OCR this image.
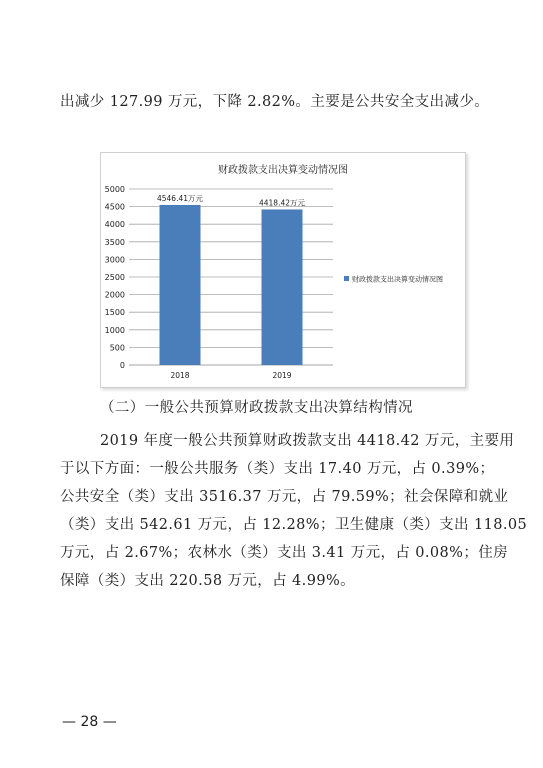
出减少 127.99 万元，下降 2.82%。主要是公共安全支出减少。
财政拨款支出决算变动情况图
0
500
1000
1500
2000
2500
3000
3500
4000
4500
5000
4546.41万元
2018
4418.42万元
2019
财政拨款支出决算变动情况图
（二）一般公共预算财政拨款支出决算结构情况
2019 年度一般公共预算财政拨款支出 4418.42 万元，主要用
于以下方面：一般公共服务（类）支出 17.40 万元，占 0.39%；
公共安全（类）支出 3516.37 万元，占 79.59%；社会保障和就业
（类）支出 542.61 万元，占 12.28%；卫生健康（类）支出 118.05
万元，占 2.67%；农林水（类）支出 3.41 万元，占 0.08%；住房
保障（类）支出 220.58 万元，占 4.99%。
— 28 —
